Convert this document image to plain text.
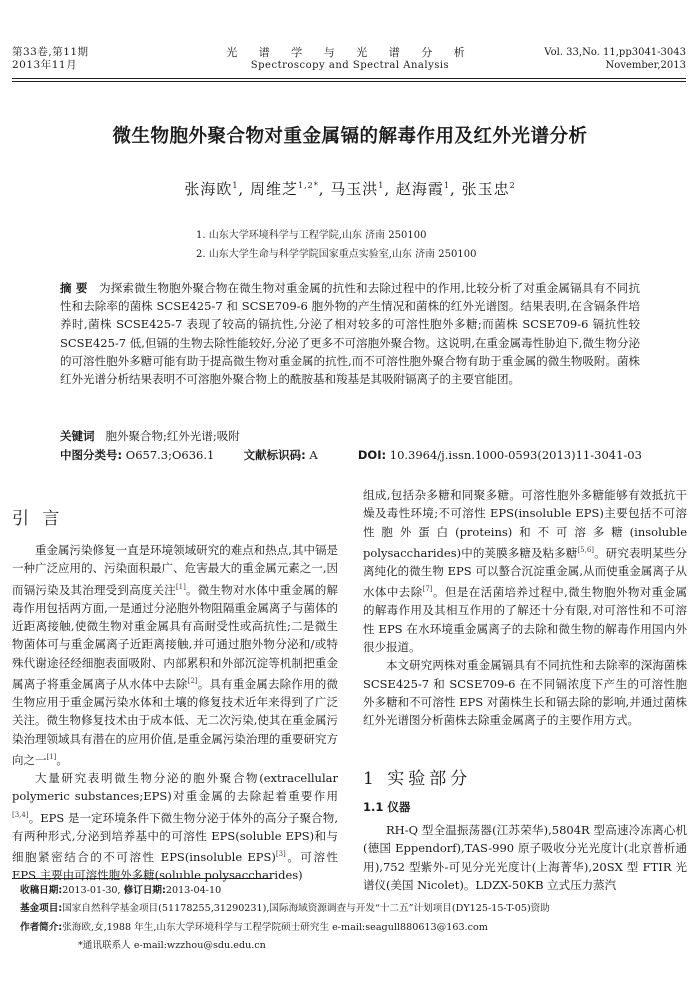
第33卷,第11期
2013年11月
光 谱 学 与 光 谱 分 析
Spectroscopy and Spectral Analysis
Vol. 33,No. 11,pp3041-3043
November,2013
微生物胞外聚合物对重金属镉的解毒作用及红外光谱分析
张海欧$^1$, 周维芝$^{1,2*}$, 马玉洪$^1$, 赵海霞$^1$, 张玉忠$^2$
1. 山东大学环境科学与工程学院,山东 济南 250100
2. 山东大学生命与科学学院国家重点实验室,山东 济南 250100
摘 要 为探索微生物胞外聚合物在微生物对重金属的抗性和去除过程中的作用,比较分析了对重金属镉具有不同抗性和去除率的菌株 SCSE425-7 和 SCSE709-6 胞外物的产生情况和菌株的红外光谱图。结果表明,在含镉条件培养时,菌株 SCSE425-7 表现了较高的镉抗性,分泌了相对较多的可溶性胞外多糖;而菌株 SCSE709-6 镉抗性较 SCSE425-7 低,但镉的生物去除性能较好,分泌了更多不可溶胞外聚合物。这说明,在重金属毒性胁迫下,微生物分泌的可溶性胞外多糖可能有助于提高微生物对重金属的抗性,而不可溶性胞外聚合物有助于重金属的微生物吸附。菌株红外光谱分析结果表明不可溶胞外聚合物上的酰胺基和羧基是其吸附镉离子的主要官能团。
关键词 胞外聚合物;红外光谱;吸附
中图分类号: O657.3;O636.1	文献标识码: A	DOI: 10.3964/j.issn.1000-0593(2013)11-3041-03
引 言

重金属污染修复一直是环境领域研究的难点和热点,其中镉是一种广泛应用的、污染面积最广、危害最大的重金属元素之一,因而镉污染及其治理受到高度关注[1]。微生物对水体中重金属的解毒作用包括两方面,一是通过分泌胞外物阻隔重金属离子与菌体的近距离接触,使微生物对重金属具有高耐受性或高抗性;二是微生物菌体可与重金属离子近距离接触,并可通过胞外物分泌和/或特殊代谢途径经细胞表面吸附、内部累积和外部沉淀等机制把重金属离子将重金属离子从水体中去除[2]。具有重金属去除作用的微生物应用于重金属污染水体和土壤的修复技术近年来得到了广泛关注。微生物修复技术由于成本低、无二次污染,使其在重金属污染治理领域具有潜在的应用价值,是重金属污染治理的重要研究方向之一[1]。

大量研究表明微生物分泌的胞外聚合物(extracellular polymeric substances;EPS)对重金属的去除起着重要作用[3,4]。EPS 是一定环境条件下微生物分泌于体外的高分子聚合物,有两种形式,分泌到培养基中的可溶性 EPS(soluble EPS)和与细胞紧密结合的不可溶性 EPS(insoluble EPS)[3]。可溶性 EPS 主要由可溶性胞外多糖(soluble polysaccharides)

组成,包括杂多糖和同聚多糖。可溶性胞外多糖能够有效抵抗干燥及毒性环境;不可溶性 EPS(insoluble EPS)主要包括不可溶性胞外蛋白(proteins)和不可溶多糖(insoluble polysaccharides)中的荚膜多糖及粘多糖[5,6]。研究表明某些分离纯化的微生物 EPS 可以螯合沉淀重金属,从而使重金属离子从水体中去除[7]。但是在活菌培养过程中,微生物胞外物对重金属的解毒作用及其相互作用的了解还十分有限,对可溶性和不可溶性 EPS 在水环境重金属离子的去除和微生物的解毒作用国内外很少报道。

本文研究两株对重金属镉具有不同抗性和去除率的深海菌株 SCSE425-7 和 SCSE709-6 在不同镉浓度下产生的可溶性胞外多糖和不可溶性 EPS 对菌株生长和镉去除的影响,并通过菌株红外光谱图分析菌株去除重金属离子的主要作用方式。

1 实验部分
1.1 仪器

RH-Q 型全温振荡器(江苏荣华),5804R 型高速冷冻离心机(德国 Eppendorf),TAS-990 原子吸收分光光度计(北京普析通用),752 型紫外-可见分光光度计(上海菁华),20SX 型 FTIR 光谱仪(美国 Nicolet)。LDZX-50KB 立式压力蒸汽

收稿日期:2013-01-30, 修订日期:2013-04-10
基金项目:国家自然科学基金项目(51178255,31290231),国际海域资源调查与开发“十二五”计划项目(DY125-15-T-05)资助
作者简介:张海欧,女,1988 年生,山东大学环境科学与工程学院硕士研究生 e-mail:seagull880613@163.com
*通讯联系人 e-mail:wzzhou@sdu.edu.cn
